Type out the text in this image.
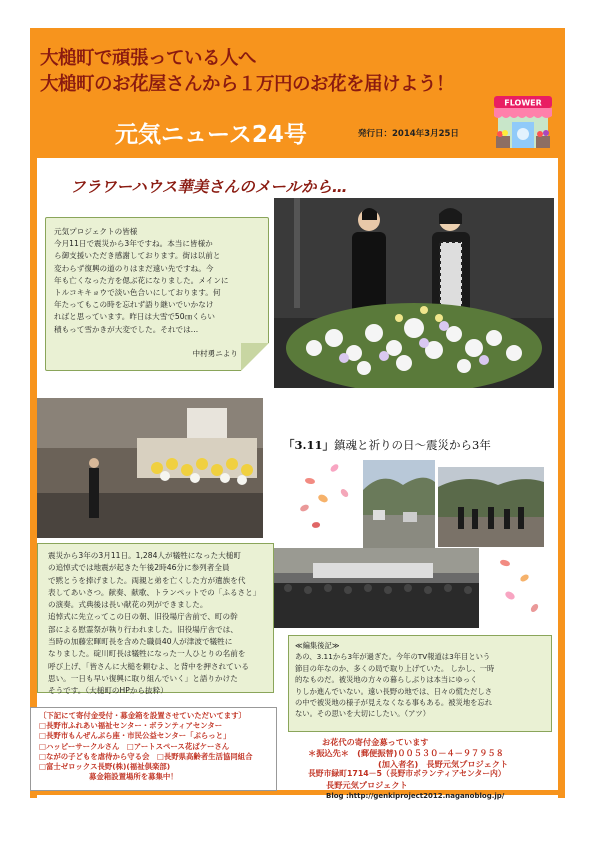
大槌町で頑張っている人へ
大槌町のお花屋さんから１万円のお花を届けよう！
元気ニュース24号	発行日：2014年3月25日
FLOWER
フラワーハウス華美さんのメールから…

元気プロジェクトの皆様

今月11日で震災から3年ですね。本当に皆様か

ら御支援いただき感謝しております。街は以前と

変わらず復興の道のりはまだ遠い先ですね。今

年も亡くなった方を偲ぶ花になりました。メインに

トルコキキョウで淡い色合いにしております。何

年たってもこの時を忘れず語り継いでいかなけ

ればと思っています。昨日は大雪で50㎝くらい

積もって雪かきが大変でした。それでは…

中村勇ニより
「3.11」鎮魂と祈りの日～震災から3年
震災から3年の3月11日。1,284人が犠牲になった大槌町
の追悼式では地震が起きた午後2時46分に参列者全員
で黙とうを捧げました。両親と弟を亡くした方が遺族を代
表してあいさつ。献奏、献歌、トランペットでの「ふるさと」
の演奏。式典後は長い献花の列ができました。
追悼式に先立ってこの日の朝、旧役場庁舎前で、町の幹
部による慰霊祭が執り行われました。旧役場庁舎では、
当時の加藤宏暉町長を含めた職員40人が津波で犠牲に
なりました。碇川町長は犠牲になった一人ひとりの名前を
呼び上げ、「皆さんに大槌を頼むよ、と背中を押されている
思い。一日も早い復興に取り組んでいく」と語りかけた
そうです。（大槌町のHPから抜粋）
≪編集後記≫
あの、3.11から3年が過ぎた。今年のTV報道は3年目という
節目の年なのか、多くの局で取り上げていた。 しかし、一時
的なものだ。被災地の方々の暮らしぶりは本当にゆっく
りしか進んでいない。遠い長野の地では、日々の慌ただしさ
の中で被災地の様子が見えなくなる事もある。被災地を忘れ
ない。その思いを大切にしたい。（アツ）
〔下記にて寄付金受付・募金箱を設置させていただいてます〕
□長野市ふれあい福祉センター・ボランティアセンター
□長野市もんぜんぷら座・市民公益センター「ぷらっと」
□ハッピーサークルさん　□アートスペース花ぱケーさん
□ながの子どもを虐待から守る会　□長野県高齢者生活協同組合
□富士ゼロックス長野(株)(福祉倶楽部)
募金箱設置場所を募集中！
お花代の寄付金募っています
＊振込先＊　(郵便振替)００５３０－４－９７９５８
(加入者名)　長野元気プロジェクト
長野市緑町1714－5（長野市ボランティアセンター内）
長野元気プロジェクト
Blog :http://genkiproject2012.naganoblog.jp/
